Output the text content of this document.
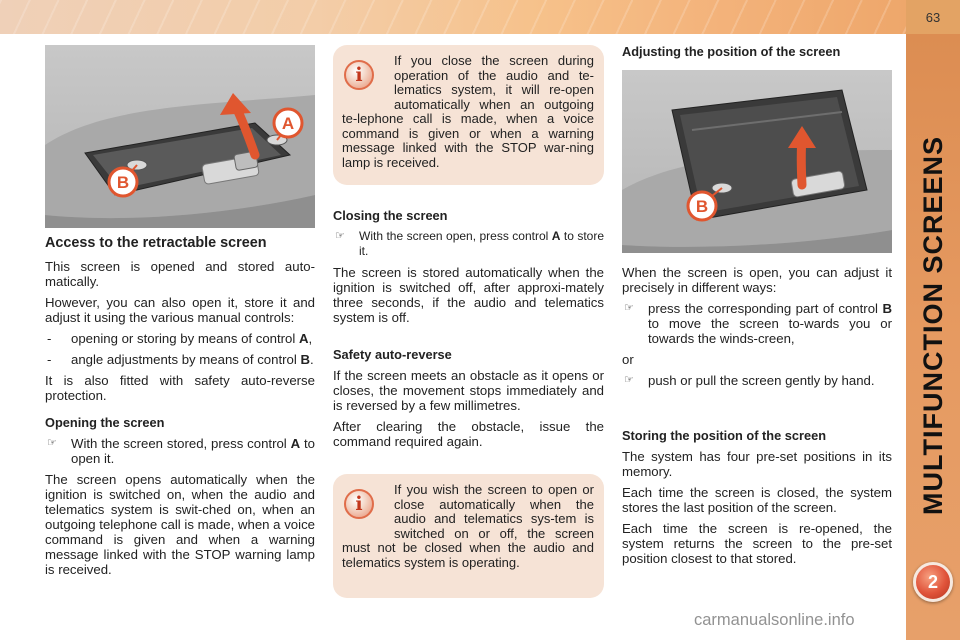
63
MULTIFUNCTION SCREENS
2
A
B
B
Access to the retractable screen

This screen is opened and stored auto-matically.

However, you can also open it, store it and adjust it using the various manual controls:

- opening or storing by means of control A,
- angle adjustments by means of control B.

It is also fitted with safety auto-reverse protection.

Opening the screen
☞ With the screen stored, press control A to open it.

The screen opens automatically when the ignition is switched on, when the audio and telematics system is swit-ched on, when an outgoing telephone call is made, when a voice command is given and when a warning message linked with the STOP warning lamp is received.

i
If you close the screen during operation of the audio and te-lematics system, it will re-open automatically when an outgoing te-lephone call is made, when a voice command is given or when a warning message linked with the STOP war-ning lamp is received.
Closing the screen
☞ With the screen open, press control A to store it.

The screen is stored automatically when the ignition is switched off, after approxi-mately three seconds, if the audio and telematics system is off.

Safety auto-reverse

If the screen meets an obstacle as it opens or closes, the movement stops immediately and is reversed by a few millimetres.

After clearing the obstacle, issue the command required again.

i
If you wish the screen to open or close automatically when the audio and telematics sys-tem is switched on or off, the screen must not be closed when the audio and telematics system is operating.
Adjusting the position of the screen

When the screen is open, you can adjust it precisely in different ways:

☞ press the corresponding part of control B to move the screen to-wards you or towards the winds-creen,

or

☞ push or pull the screen gently by hand.
Storing the position of the screen

The system has four pre-set positions in its memory.

Each time the screen is closed, the system stores the last position of the screen.

Each time the screen is re-opened, the system returns the screen to the pre-set position closest to that stored.

carmanualsonline.info
